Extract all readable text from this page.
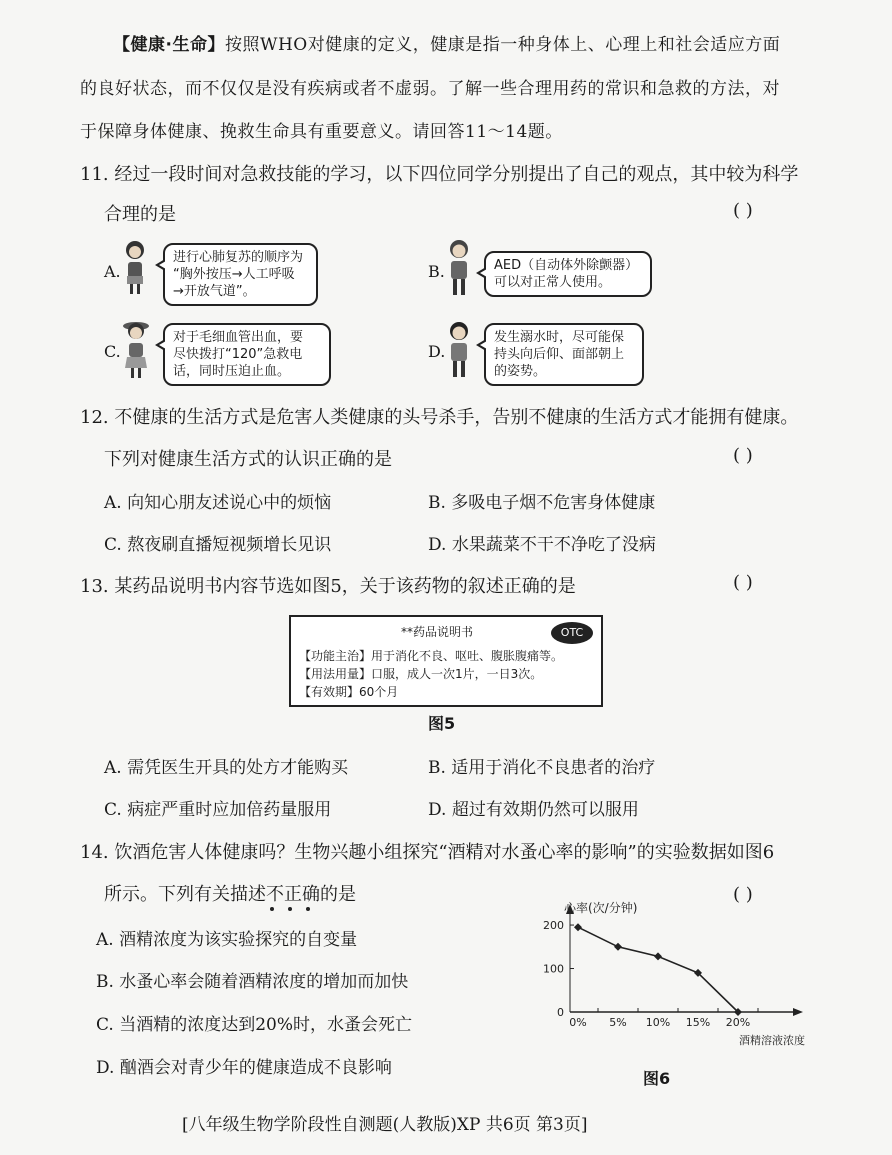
【健康·生命】按照WHO对健康的定义，健康是指一种身体上、心理上和社会适应方面
的良好状态，而不仅仅是没有疾病或者不虚弱。了解一些合理用药的常识和急救的方法，对
于保障身体健康、挽救生命具有重要意义。请回答11～14题。
11. 经过一段时间对急救技能的学习，以下四位同学分别提出了自己的观点，其中较为科学
合理的是	( )
A.
进行心肺复苏的顺序为
“胸外按压→人工呼吸
→开放气道”。
B.	AED（自动体外除颤器）
可以对正常人使用。
C.
对于毛细血管出血，要
尽快拨打“120”急救电
话，同时压迫止血。
D.
发生溺水时，尽可能保
持头向后仰、面部朝上
的姿势。
12. 不健康的生活方式是危害人类健康的头号杀手，告别不健康的生活方式才能拥有健康。
下列对健康生活方式的认识正确的是	( )
A. 向知心朋友述说心中的烦恼	B. 多吸电子烟不危害身体健康
C. 熬夜刷直播短视频增长见识	D. 水果蔬菜不干不净吃了没病
13. 某药品说明书内容节选如图5，关于该药物的叙述正确的是	( )
**药品说明书	OTC
【功能主治】用于消化不良、呕吐、腹胀腹痛等。
【用法用量】口服，成人一次1片，一日3次。
【有效期】60个月
图5
A. 需凭医生开具的处方才能购买	B. 适用于消化不良患者的治疗
C. 病症严重时应加倍药量服用	D. 超过有效期仍然可以服用
14. 饮酒危害人体健康吗？生物兴趣小组探究“酒精对水蚤心率的影响”的实验数据如图6
所示。下列有关描述不正确的是	( )
A. 酒精浓度为该实验探究的自变量
B. 水蚤心率会随着酒精浓度的增加而加快
C. 当酒精的浓度达到20%时，水蚤会死亡
D. 酗酒会对青少年的健康造成不良影响
0
100
200
0% 5% 10% 15% 20%
心率(次/分钟)
酒精溶液浓度
图6
[八年级生物学阶段性自测题(人教版)XP 共6页 第3页]
